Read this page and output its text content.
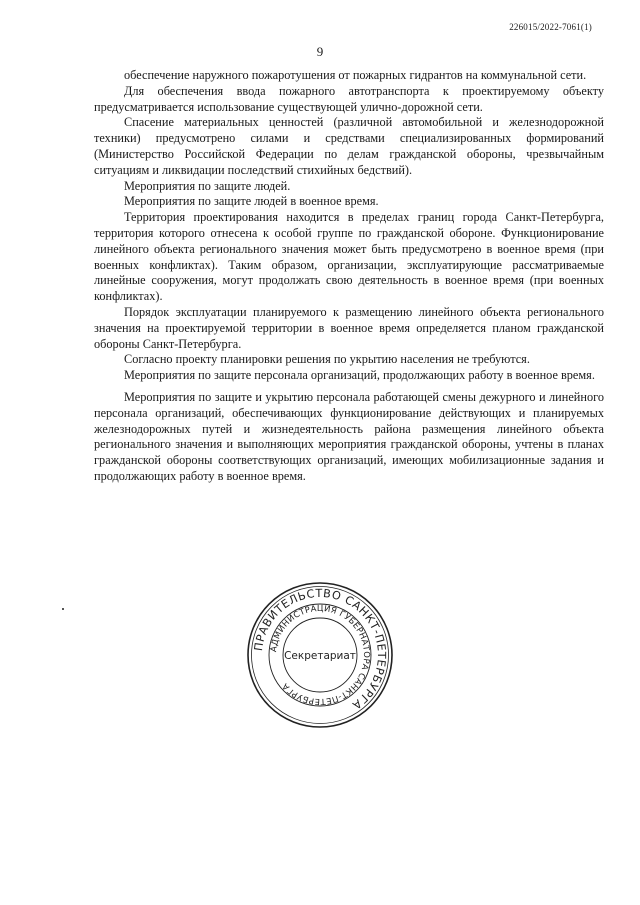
226015/2022-7061(1)
9

обеспечение наружного пожаротушения от пожарных гидрантов на коммунальной сети.

Для обеспечения ввода пожарного автотранспорта к проектируемому объекту предусматривается использование существующей улично-дорожной сети.

Спасение материальных ценностей (различной автомобильной и железнодорожной техники) предусмотрено силами и средствами специализированных формирований (Министерство Российской Федерации по делам гражданской обороны, чрезвычайным ситуациям и ликвидации последствий стихийных бедствий).

Мероприятия по защите людей.

Мероприятия по защите людей в военное время.

Территория проектирования находится в пределах границ города Санкт-Петербурга, территория которого отнесена к особой группе по гражданской обороне. Функционирование линейного объекта регионального значения может быть предусмотрено в военное время (при военных конфликтах). Таким образом, организации, эксплуатирующие рассматриваемые линейные сооружения, могут продолжать свою деятельность в военное время (при военных конфликтах).

Порядок эксплуатации планируемого к размещению линейного объекта регионального значения на проектируемой территории в военное время определяется планом гражданской обороны Санкт-Петербурга.

Согласно проекту планировки решения по укрытию населения не требуются.

Мероприятия по защите персонала организаций, продолжающих работу в военное время.

Мероприятия по защите и укрытию персонала работающей смены дежурного и линейного персонала организаций, обеспечивающих функционирование действующих и планируемых железнодорожных путей и жизнедеятельность района размещения линейного объекта регионального значения и выполняющих мероприятия гражданской обороны, учтены в планах гражданской обороны соответствующих организаций, имеющих мобилизационные задания и продолжающих работу в военное время.

ПРАВИТЕЛЬСТВО САНКТ-ПЕТЕРБУРГА
АДМИНИСТРАЦИЯ ГУБЕРНАТОРА САНКТ-ПЕТЕРБУРГА
Секретариат
